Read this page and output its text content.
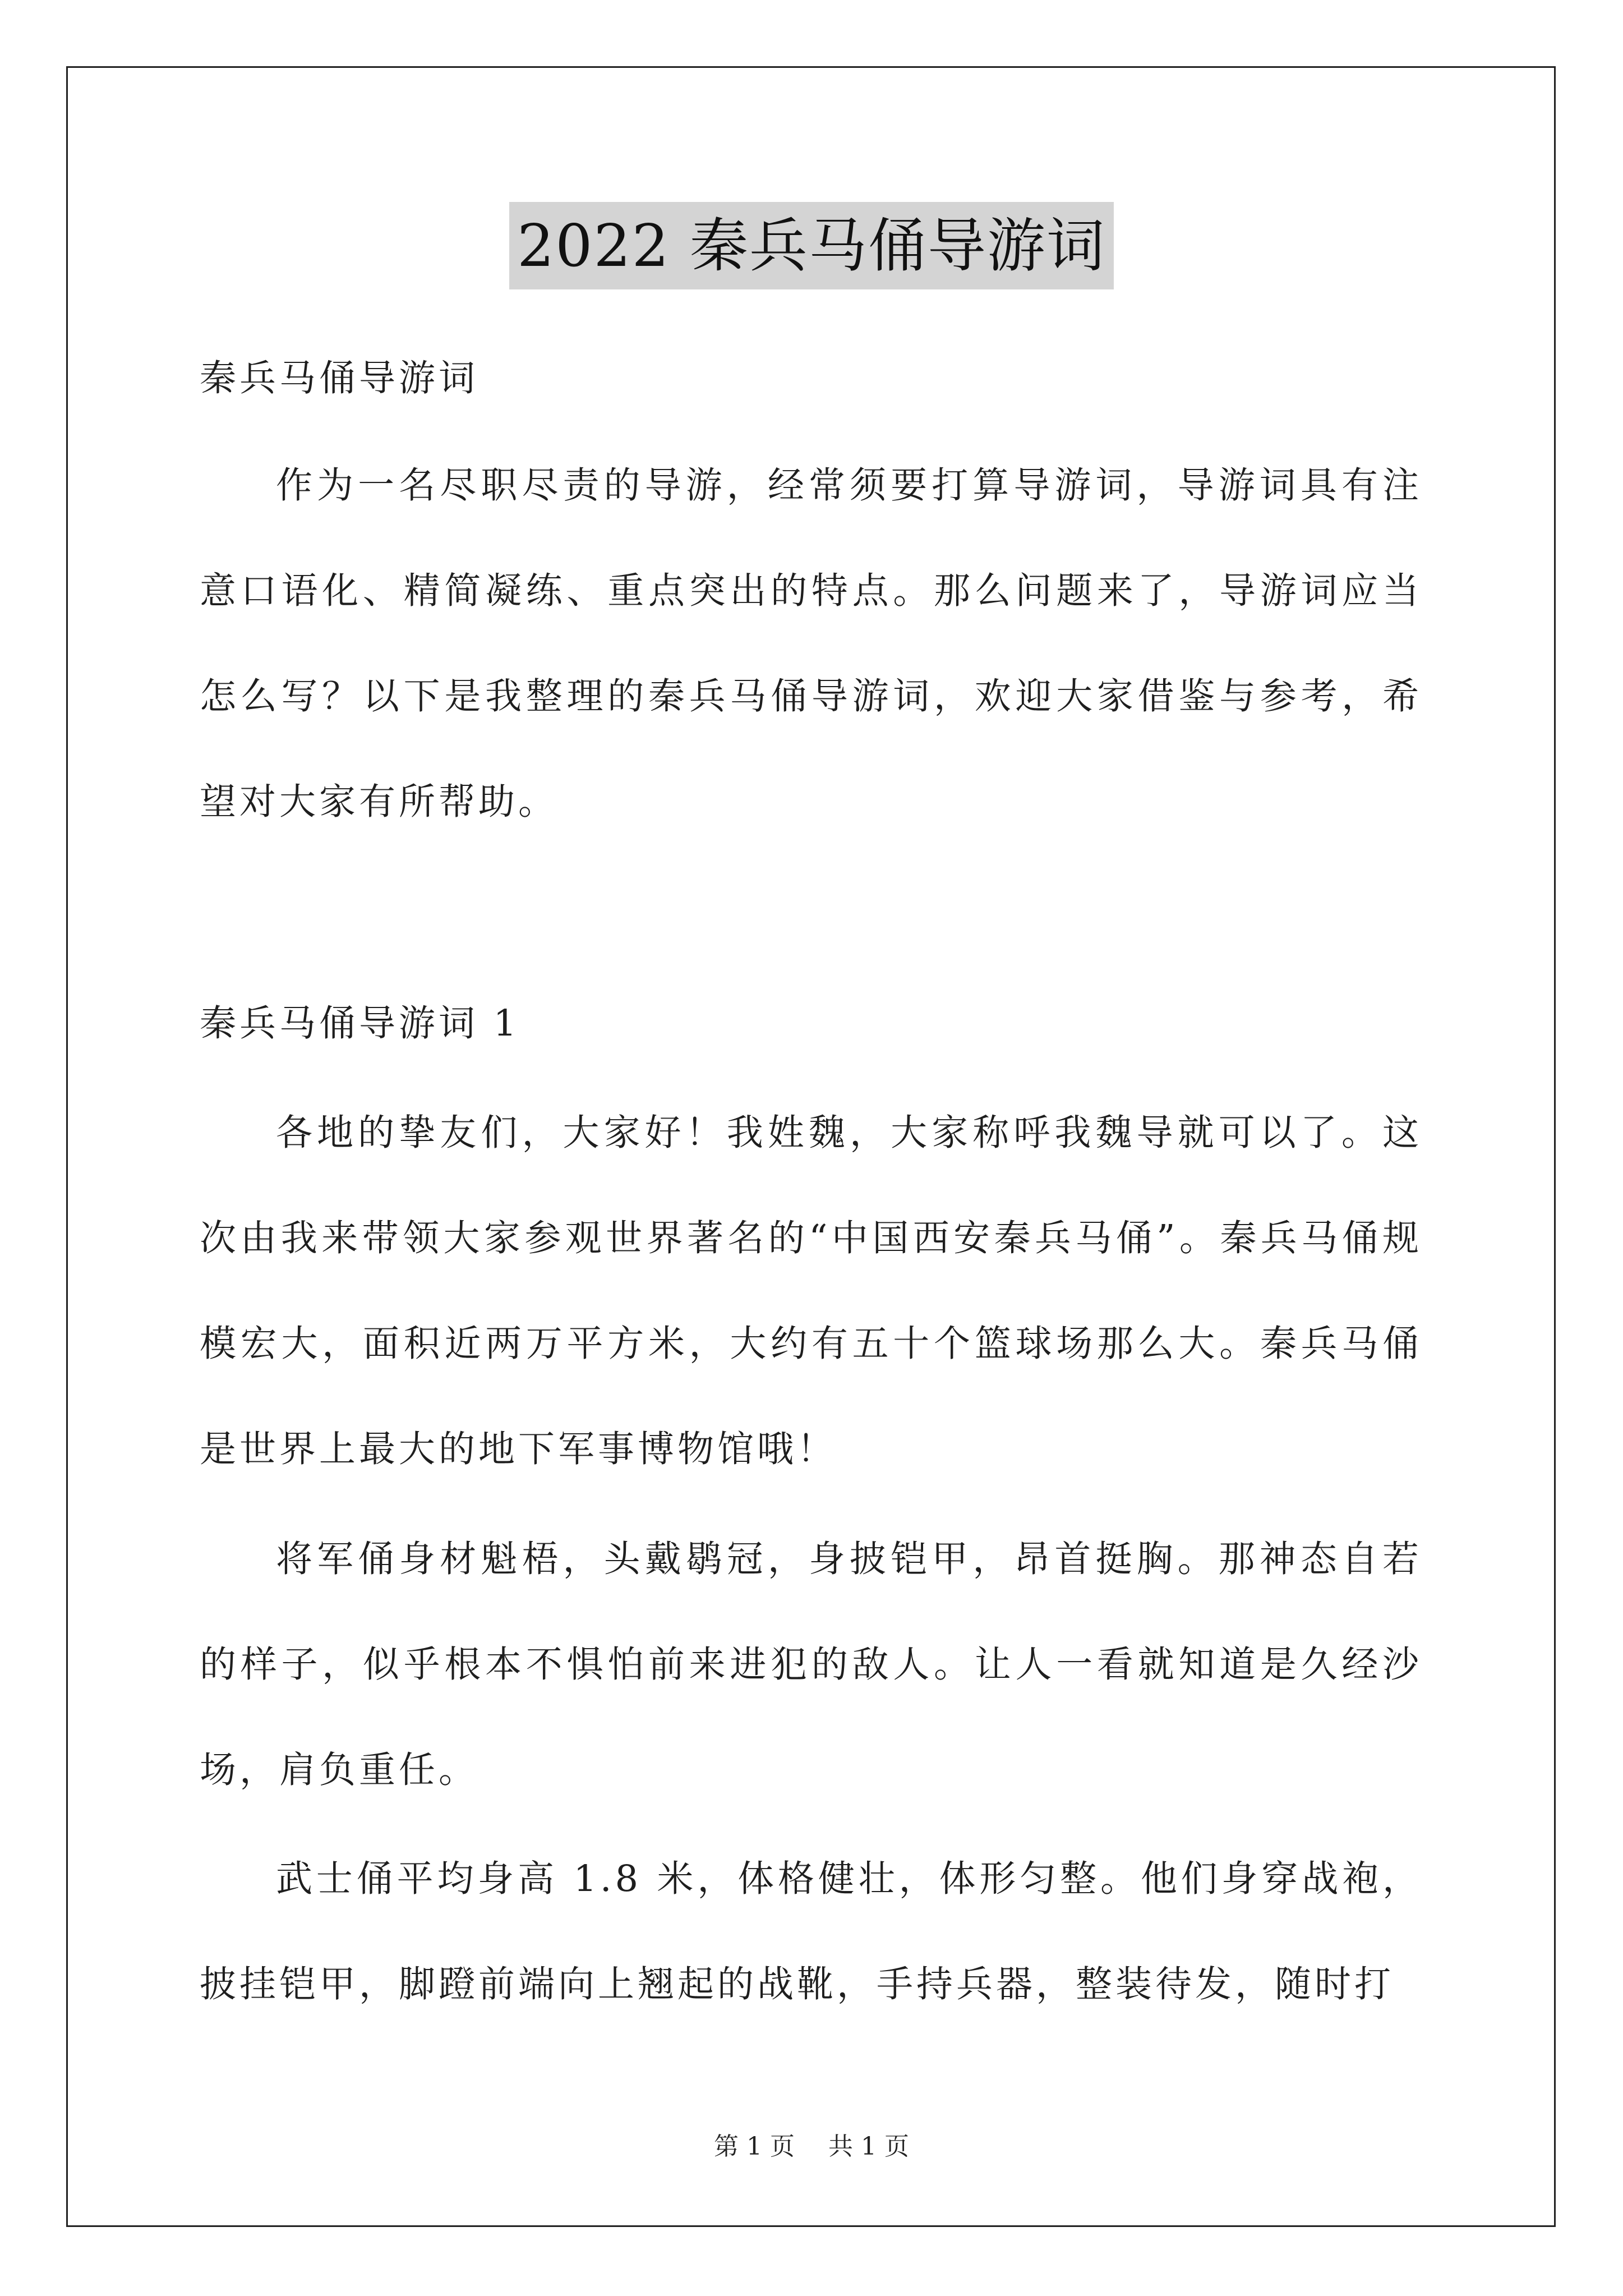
2022 秦兵马俑导游词
秦兵马俑导游词

作为一名尽职尽责的导游，经常须要打算导游词，导游词具有注意口语化、精简凝练、重点突出的特点。那么问题来了，导游词应当怎么写？以下是我整理的秦兵马俑导游词，欢迎大家借鉴与参考，希望对大家有所帮助。

秦兵马俑导游词 1

各地的挚友们，大家好！我姓魏，大家称呼我魏导就可以了。这次由我来带领大家参观世界著名的“中国西安秦兵马俑”。秦兵马俑规模宏大，面积近两万平方米，大约有五十个篮球场那么大。秦兵马俑是世界上最大的地下军事博物馆哦！

将军俑身材魁梧，头戴鹖冠，身披铠甲，昂首挺胸。那神态自若的样子，似乎根本不惧怕前来进犯的敌人。让人一看就知道是久经沙场，肩负重任。

武士俑平均身高 1.8 米，体格健壮，体形匀整。他们身穿战袍，披挂铠甲，脚蹬前端向上翘起的战靴，手持兵器，整装待发，随时打

第 1 页 共 1 页
